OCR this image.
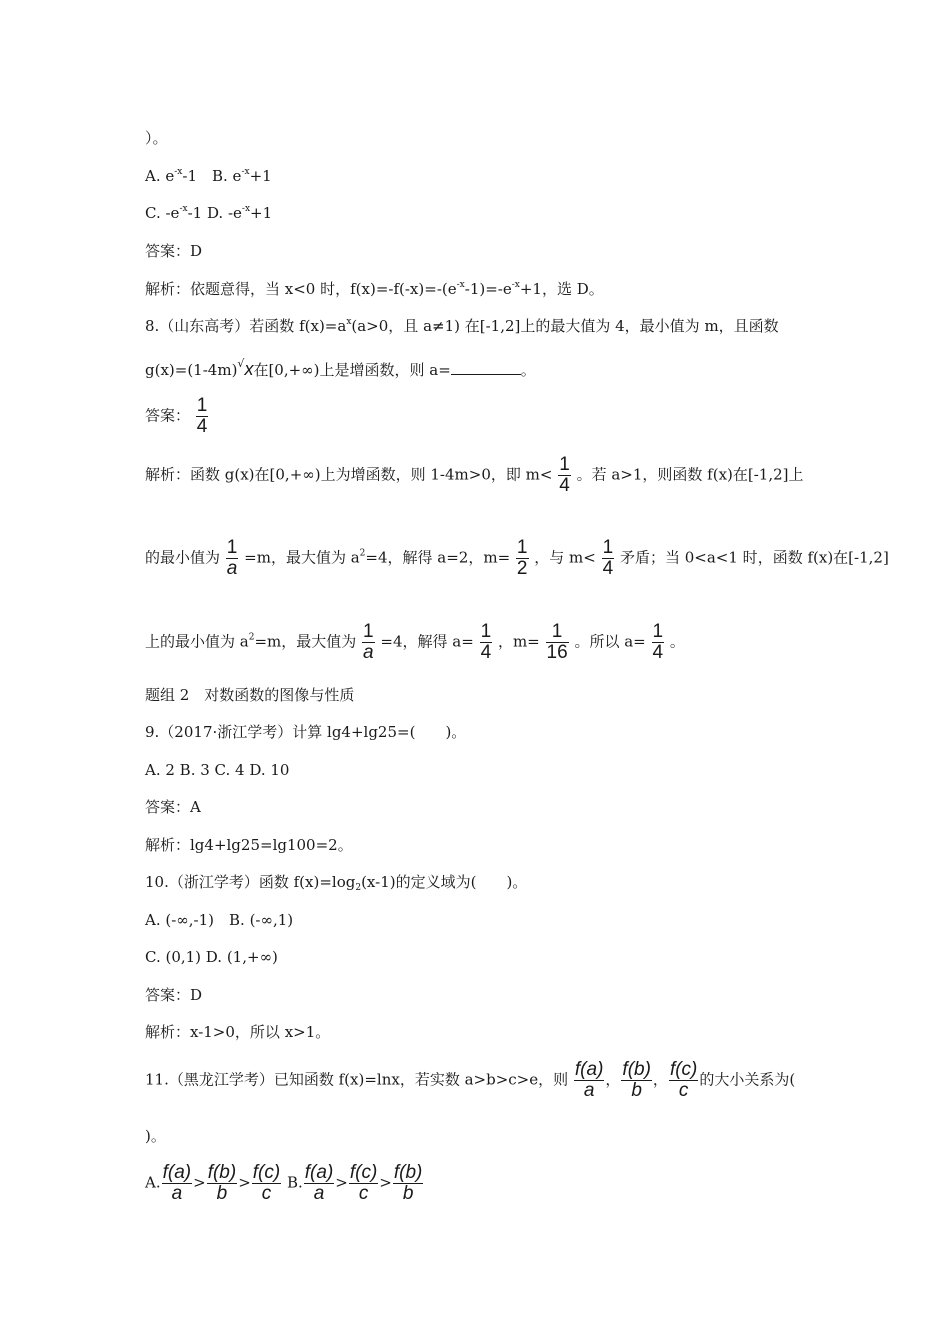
）。
A. $e^{-x}-1$　B. $e^{-x}+1$
C. $-e^{-x}-1$ D. $-e^{-x}+1$
答案：D
解析：依题意得，当 x<0 时，$f(x)=-f(-x)=-(e^{-x}-1)=-e^{-x}+1$，选 D。
8.（山东高考）若函数 $f(x)=a^x(a>0$，且 a≠1) 在[-1,2]上的最大值为 4，最小值为 m，且函数
g(x)=(1-4m)√x在[0,+∞)上是增函数，则 a=	。
答案： $\frac{1}{4}$
解析：函数 g(x)在[0,+∞)上为增函数，则 1-4m>0，即 $m< \frac{1}{4}$ 。若 a>1，则函数 f(x)在[-1,2]上
的最小值为 $\frac{1}{a} =m$，最大值为 $a^2=4$，解得 a=2，$m= \frac{1}{2}$ ，与 $m< \frac{1}{4}$ 矛盾；当 0<a<1 时，函数 f(x)在[-1,2]
上的最小值为 $a^2=m$，最大值为 $\frac{1}{a} =4$，解得 $a= \frac{1}{4}$ ，$m= \frac{1}{16}$ 。所以 $a= \frac{1}{4}$ 。
题组 2　对数函数的图像与性质
9.（2017·浙江学考）计算 lg4+lg25=(　　)。
A. 2 B. 3 C. 4 D. 10
答案：A
解析：lg4+lg25=lg100=2。
10.（浙江学考）函数 $f(x)=\log_2(x-1)$的定义域为(　　)。
A. (-∞,-1)　B. (-∞,1)
C. (0,1) D. (1,+∞)
答案：D
解析：x-1>0，所以 x>1。
11.（黑龙江学考）已知函数 f(x)=lnx，若实数 a>b>c>e，则 $\frac{f(a)}{a}$ ， $\frac{f(b)}{b}$ ， $\frac{f(c)}{c}$ 的大小关系为(
)。
A. $\frac{f(a)}{a} > \frac{f(b)}{b} > \frac{f(c)}{c} B$. $\frac{f(a)}{a} > \frac{f(c)}{c} > \frac{f(b)}{b}$
